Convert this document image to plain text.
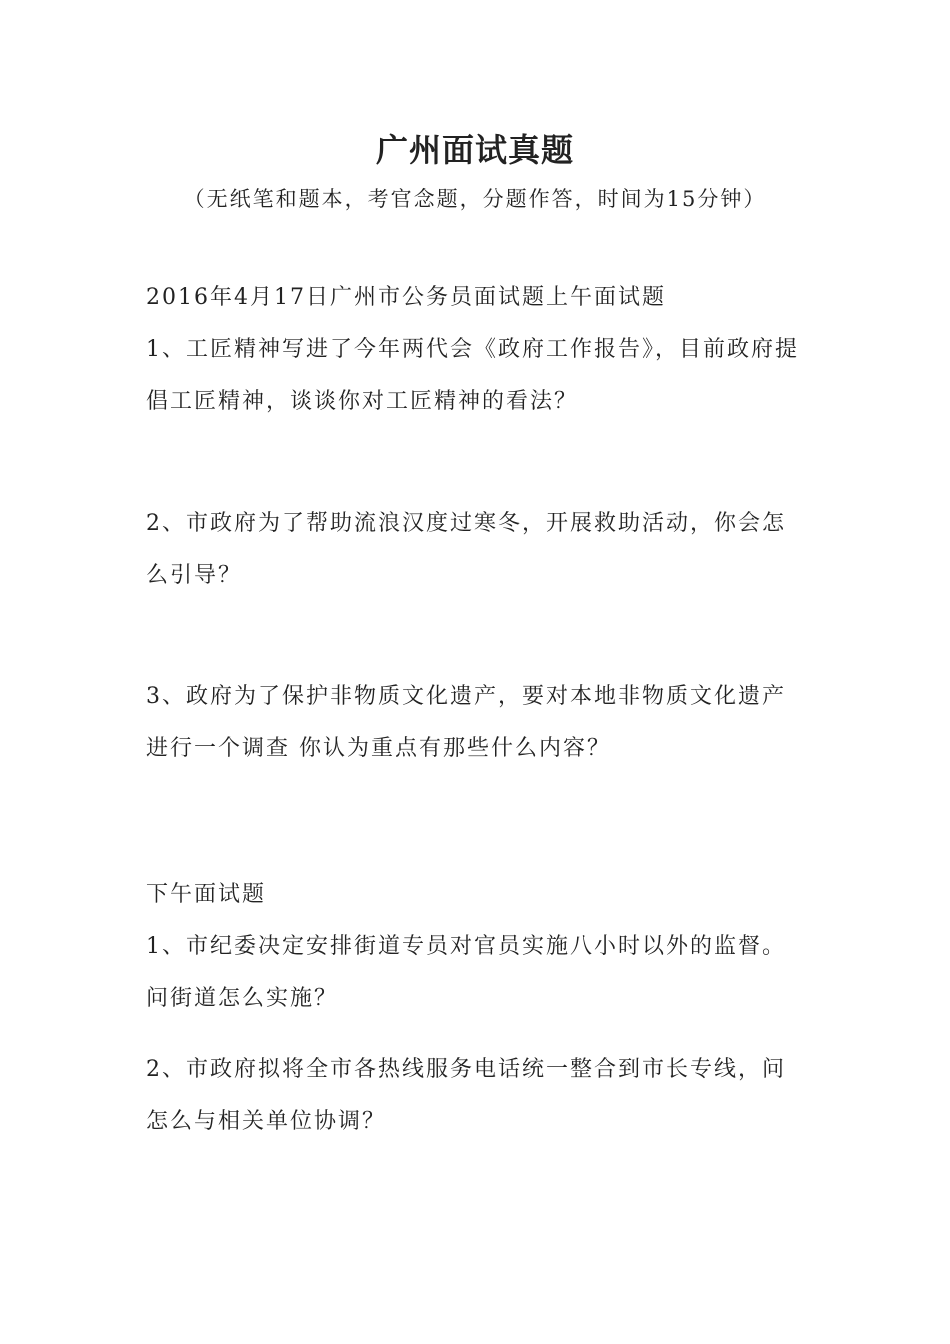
广州面试真题
（无纸笔和题本，考官念题，分题作答，时间为15分钟）
2016年4月17日广州市公务员面试题上午面试题
1、工匠精神写进了今年两代会《政府工作报告》，目前政府提
倡工匠精神，谈谈你对工匠精神的看法？
2、市政府为了帮助流浪汉度过寒冬，开展救助活动，你会怎
么引导？
3、政府为了保护非物质文化遗产，要对本地非物质文化遗产
进行一个调查 你认为重点有那些什么内容？
下午面试题
1、市纪委决定安排街道专员对官员实施八小时以外的监督。
问街道怎么实施？
2、市政府拟将全市各热线服务电话统一整合到市长专线，问
怎么与相关单位协调？
